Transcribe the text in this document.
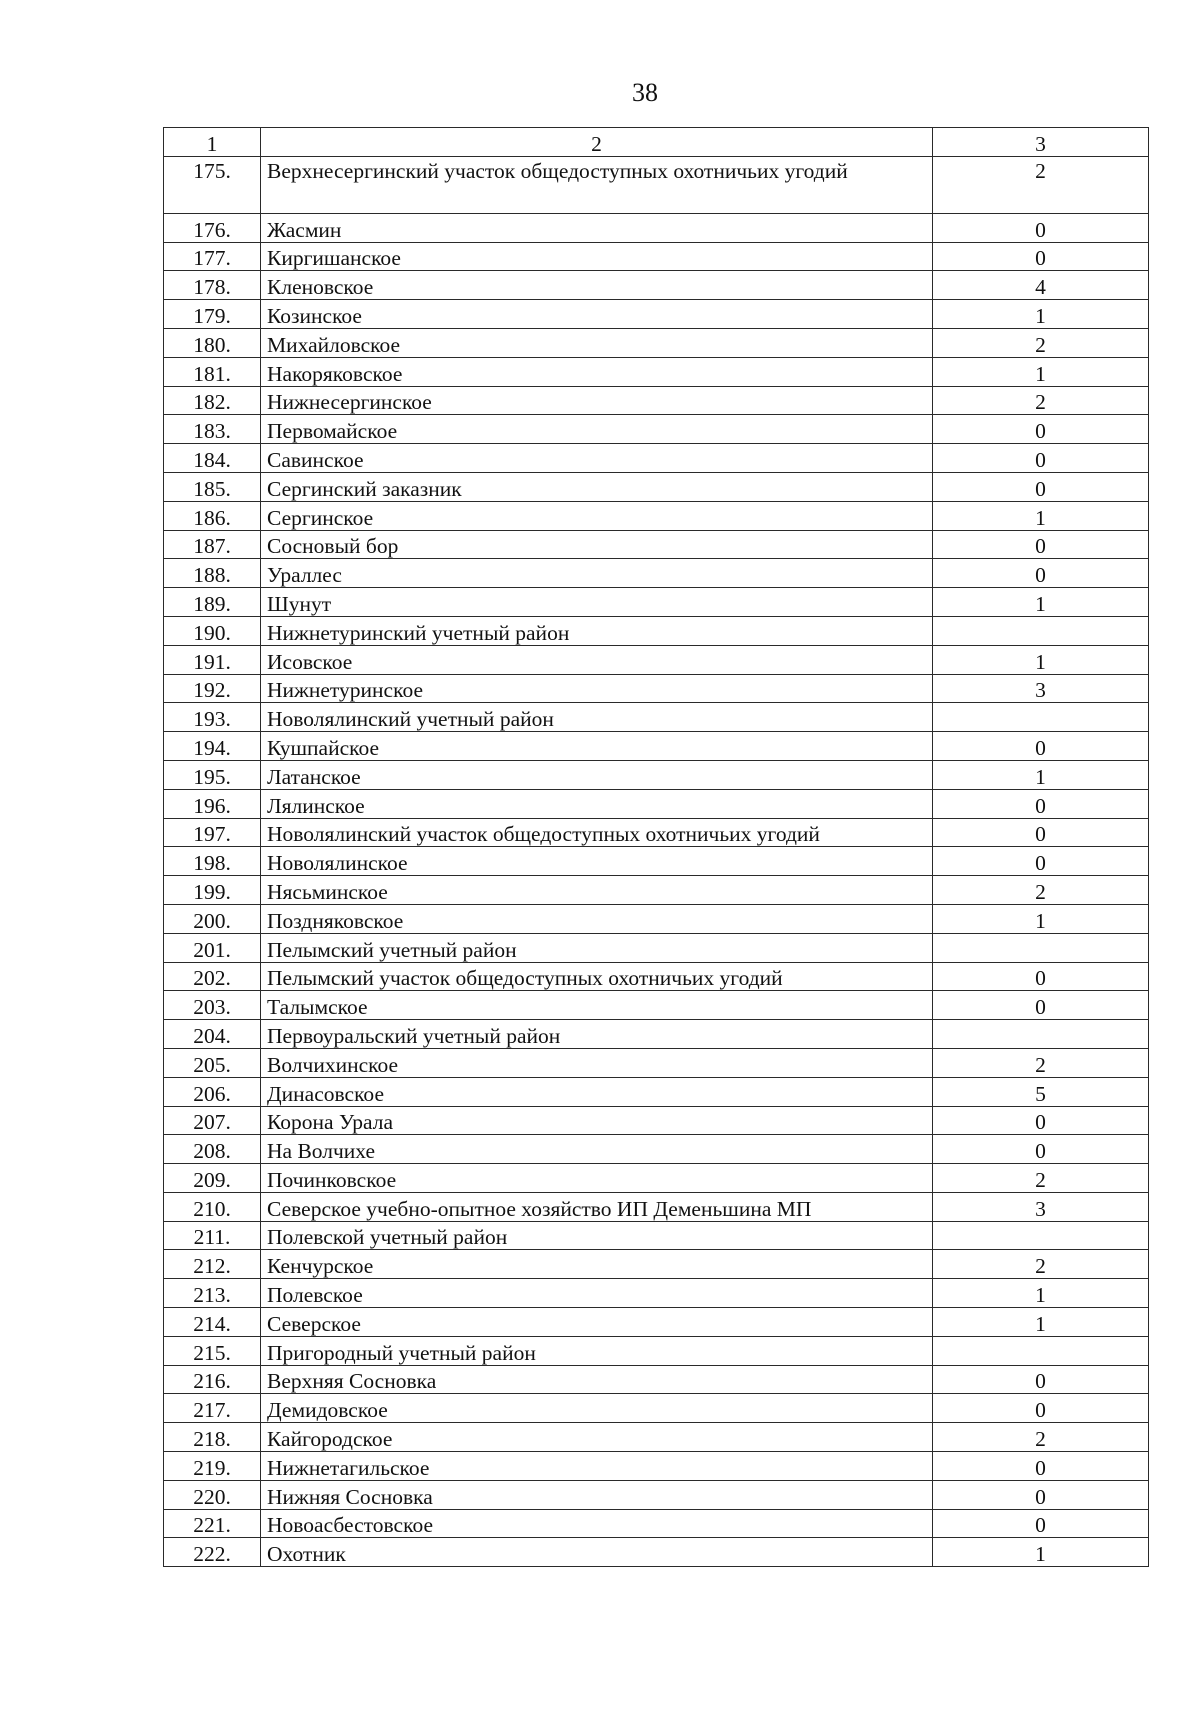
38
1	2	3
175.	Верхнесергинский участок общедоступных охотничьих угодий	2
176.	Жасмин	0
177.	Киргишанское	0
178.	Кленовское	4
179.	Козинское	1
180.	Михайловское	2
181.	Накоряковское	1
182.	Нижнесергинское	2
183.	Первомайское	0
184.	Савинское	0
185.	Сергинский заказник	0
186.	Сергинское	1
187.	Сосновый бор	0
188.	Ураллес	0
189.	Шунут	1
190.	Нижнетуринский учетный район	
191.	Исовское	1
192.	Нижнетуринское	3
193.	Новолялинский учетный район	
194.	Кушпайское	0
195.	Латанское	1
196.	Лялинское	0
197.	Новолялинский участок общедоступных охотничьих угодий	0
198.	Новолялинское	0
199.	Нясьминское	2
200.	Поздняковское	1
201.	Пелымский учетный район	
202.	Пелымский участок общедоступных охотничьих угодий	0
203.	Талымское	0
204.	Первоуральский учетный район	
205.	Волчихинское	2
206.	Динасовское	5
207.	Корона Урала	0
208.	На Волчихе	0
209.	Починковское	2
210.	Северское учебно-опытное хозяйство ИП Деменьшина МП	3
211.	Полевской учетный район	
212.	Кенчурское	2
213.	Полевское	1
214.	Северское	1
215.	Пригородный учетный район	
216.	Верхняя Сосновка	0
217.	Демидовское	0
218.	Кайгородское	2
219.	Нижнетагильское	0
220.	Нижняя Сосновка	0
221.	Новоасбестовское	0
222.	Охотник	1
